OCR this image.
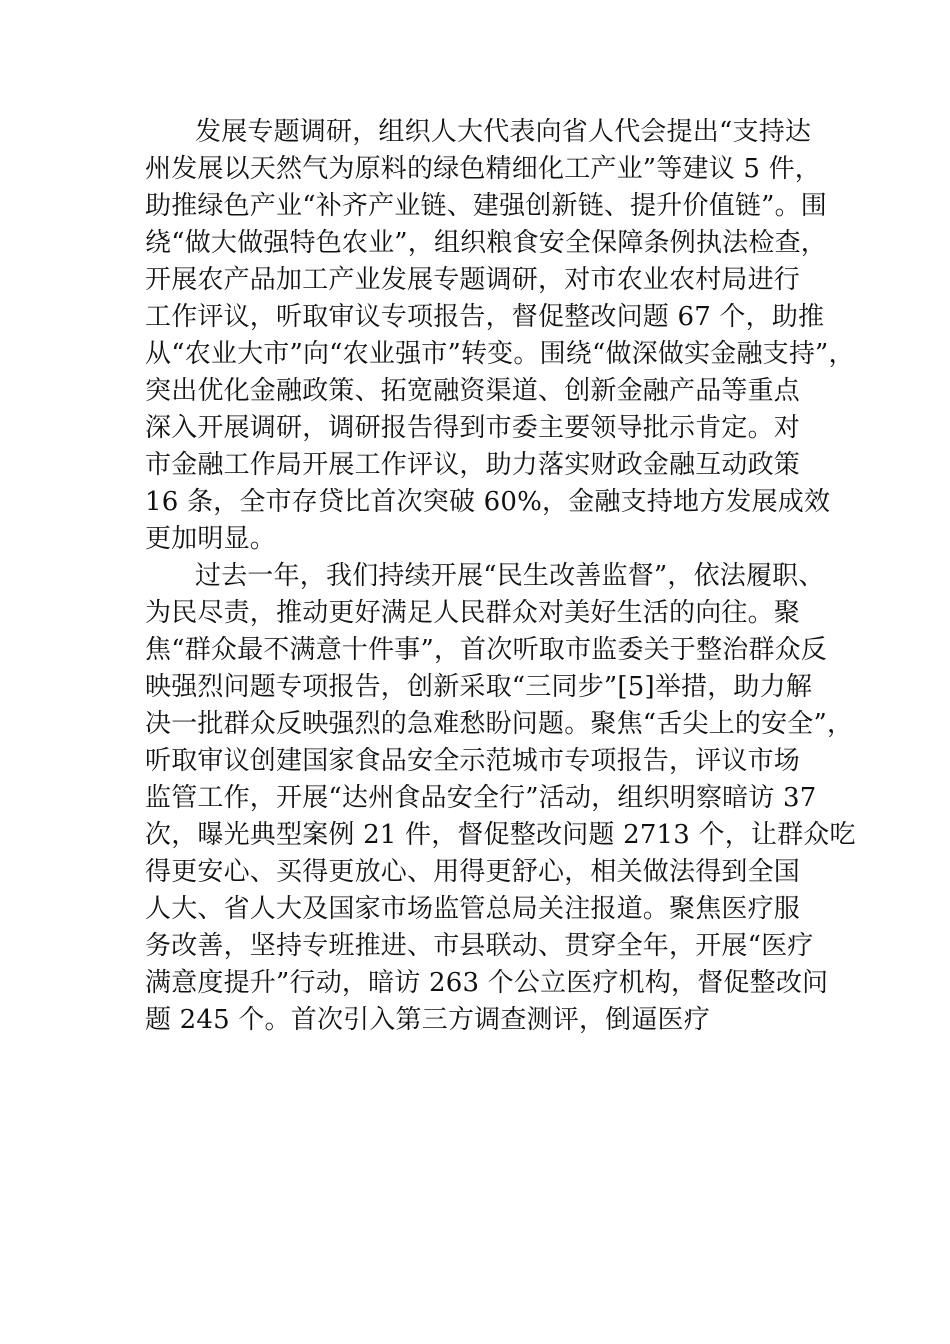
发展专题调研，组织人大代表向省人代会提出“支持达
州发展以天然气为原料的绿色精细化工产业”等建议 5 件，
助推绿色产业“补齐产业链、建强创新链、提升价值链”。围
绕“做大做强特色农业”，组织粮食安全保障条例执法检查，
开展农产品加工产业发展专题调研，对市农业农村局进行
工作评议，听取审议专项报告，督促整改问题 67 个，助推
从“农业大市”向“农业强市”转变。围绕“做深做实金融支持”，
突出优化金融政策、拓宽融资渠道、创新金融产品等重点
深入开展调研，调研报告得到市委主要领导批示肯定。对
市金融工作局开展工作评议，助力落实财政金融互动政策
16 条，全市存贷比首次突破 60%，金融支持地方发展成效
更加明显。
过去一年，我们持续开展“民生改善监督”，依法履职、
为民尽责，推动更好满足人民群众对美好生活的向往。聚
焦“群众最不满意十件事”，首次听取市监委关于整治群众反
映强烈问题专项报告，创新采取“三同步”[5]举措，助力解
决一批群众反映强烈的急难愁盼问题。聚焦“舌尖上的安全”，
听取审议创建国家食品安全示范城市专项报告，评议市场
监管工作，开展“达州食品安全行”活动，组织明察暗访 37
次，曝光典型案例 21 件，督促整改问题 2713 个，让群众吃
得更安心、买得更放心、用得更舒心，相关做法得到全国
人大、省人大及国家市场监管总局关注报道。聚焦医疗服
务改善，坚持专班推进、市县联动、贯穿全年，开展“医疗
满意度提升”行动，暗访 263 个公立医疗机构，督促整改问
题 245 个。首次引入第三方调查测评，倒逼医疗
